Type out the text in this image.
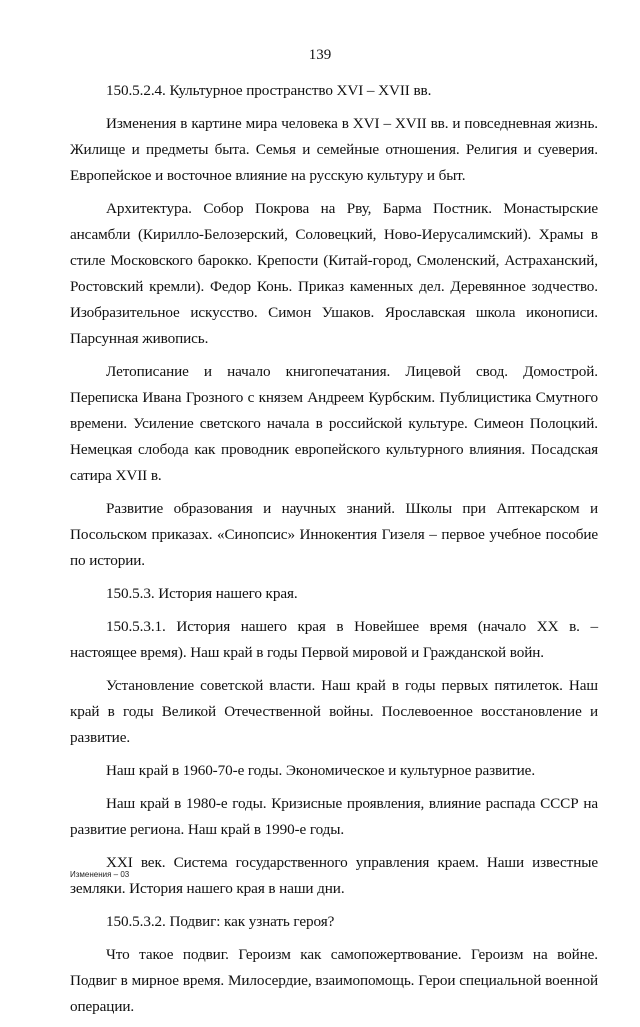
139

150.5.2.4. Культурное пространство XVI – XVII вв.

Изменения в картине мира человека в XVI – XVII вв. и повседневная жизнь. Жилище и предметы быта. Семья и семейные отношения. Религия и суеверия. Европейское и восточное влияние на русскую культуру и быт.

Архитектура. Собор Покрова на Рву, Барма Постник. Монастырские ансамбли (Кирилло-Белозерский, Соловецкий, Ново-Иерусалимский). Храмы в стиле Московского барокко. Крепости (Китай-город, Смоленский, Астраханский, Ростовский кремли). Федор Конь. Приказ каменных дел. Деревянное зодчество. Изобразительное искусство. Симон Ушаков. Ярославская школа иконописи. Парсунная живопись.

Летописание и начало книгопечатания. Лицевой свод. Домострой. Переписка Ивана Грозного с князем Андреем Курбским. Публицистика Смутного времени. Усиление светского начала в российской культуре. Симеон Полоцкий. Немецкая слобода как проводник европейского культурного влияния. Посадская сатира XVII в.

Развитие образования и научных знаний. Школы при Аптекарском и Посольском приказах. «Синопсис» Иннокентия Гизеля – первое учебное пособие по истории.

150.5.3. История нашего края.

150.5.3.1. История нашего края в Новейшее время (начало XX в. – настоящее время). Наш край в годы Первой мировой и Гражданской войн.

Установление советской власти. Наш край в годы первых пятилеток. Наш край в годы Великой Отечественной войны. Послевоенное восстановление и развитие.

Наш край в 1960-70-е годы. Экономическое и культурное развитие.

Наш край в 1980-е годы. Кризисные проявления, влияние распада СССР на развитие региона. Наш край в 1990-е годы.

XXI век. Система государственного управления краем. Наши известные земляки. История нашего края в наши дни.

150.5.3.2. Подвиг: как узнать героя?

Что такое подвиг. Героизм как самопожертвование. Героизм на войне. Подвиг в мирное время. Милосердие, взаимопомощь. Герои специальной военной операции.

Изменения – 03
